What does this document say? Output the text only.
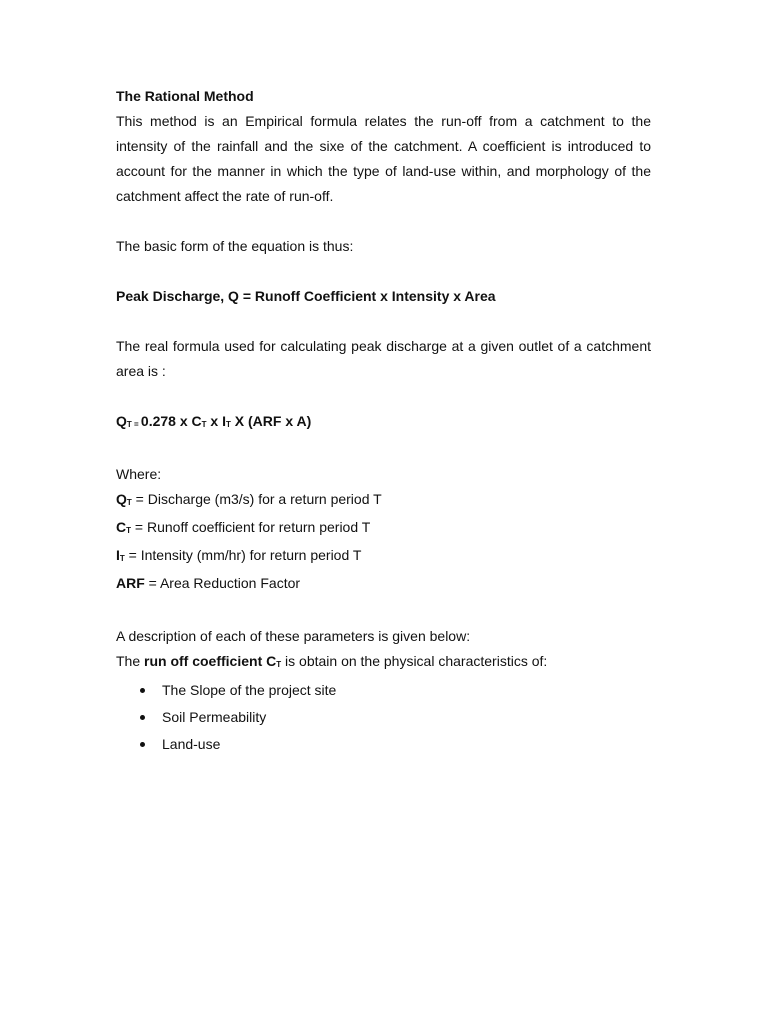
The Rational Method

This method is an Empirical formula relates the run-off from a catchment to the intensity of the rainfall and the sixe of the catchment. A coefficient is introduced to account for the manner in which the type of land-use within, and morphology of the catchment affect the rate of run-off.

The basic form of the equation is thus:

Peak Discharge, Q = Runoff Coefficient x Intensity x Area

The real formula used for calculating peak discharge at a given outlet of a catchment area is :

QT = 0.278 x CT x IT X (ARF x A)

Where:

QT = Discharge (m3/s) for a return period T

CT = Runoff coefficient for return period T

IT = Intensity (mm/hr) for return period T

ARF = Area Reduction Factor

A description of each of these parameters is given below:

The run off coefficient CT is obtain on the physical characteristics of:

The Slope of the project site
Soil Permeability
Land-use
